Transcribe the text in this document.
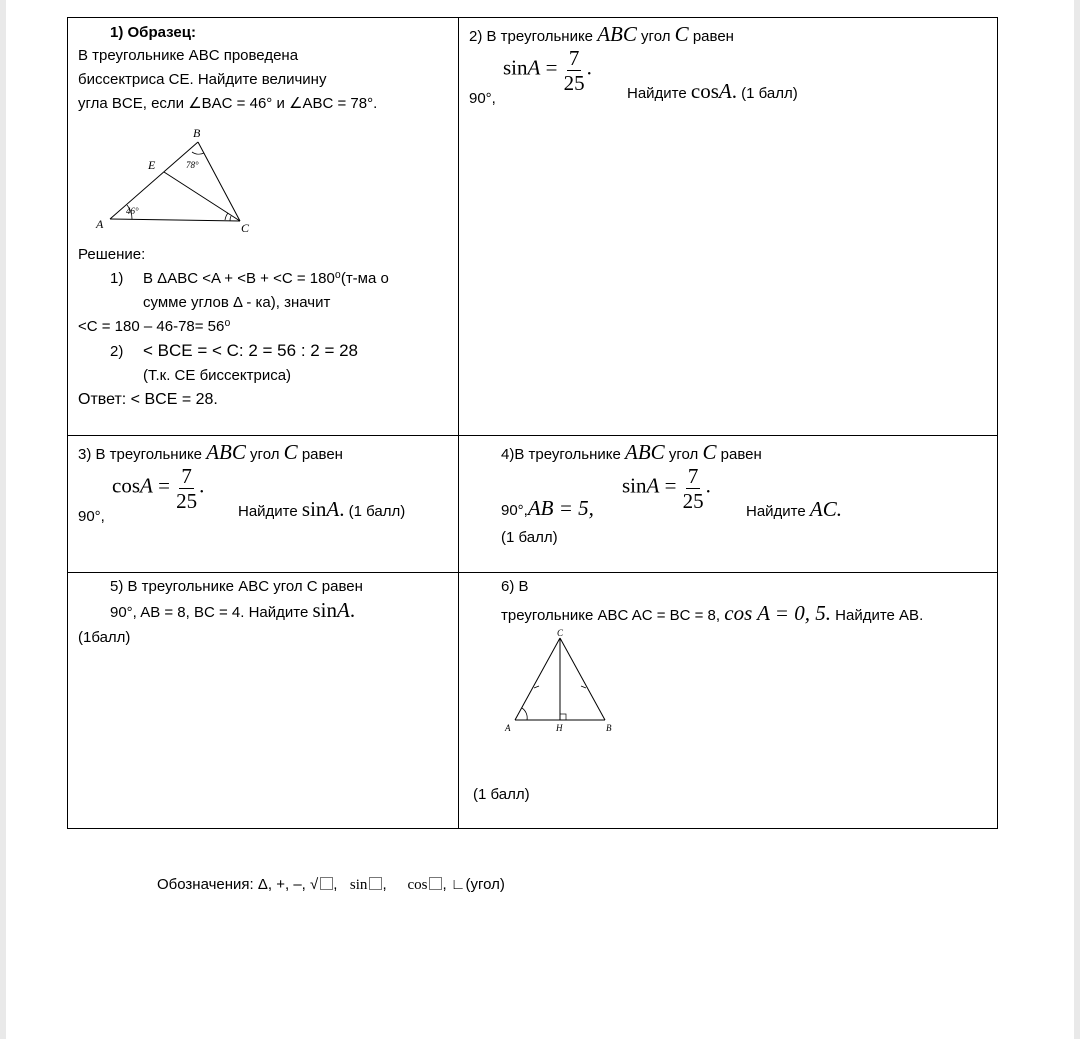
1) Образец:
В треугольнике ABC проведена
биссектриса CE. Найдите величину
угла BCE, если ∠BAC = 46° и ∠ABC = 78°.
B
E
A	C
78°
46°
Решение:
1) В ΔABC <A + <B + <C = 180⁰(т-ма о
сумме углов Δ - ка), значит
<C = 180 – 46-78= 56⁰
2) < BCE = < C: 2 = 56 : 2 = 28
(Т.к. CE биссектриса)
Ответ: < BCE = 28.
2) В треугольнике ABC угол C равен
90°,
$\sin A = \frac{7}{25}$ .
Найдите cosA. (1 балл)
3) В треугольнике ABC угол C равен
90°,
$\cos A = \frac{7}{25}$ .
Найдите sinA. (1 балл)
4)В треугольнике ABC угол C равен
90°,AB = 5,
$\sin A = \frac{7}{25}$ .
Найдите AC.
(1 балл)
5) В треугольнике ABC угол C равен
90°, AB = 8, BC = 4. Найдите sinA.
(1балл)
6) В
треугольнике ABC AC = BC = 8, cos A = 0, 5. Найдите AB.
C
A	H	B
(1 балл)
Обозначения: Δ, +, –, √ ,   sin ,     cos , ∟(угол)
